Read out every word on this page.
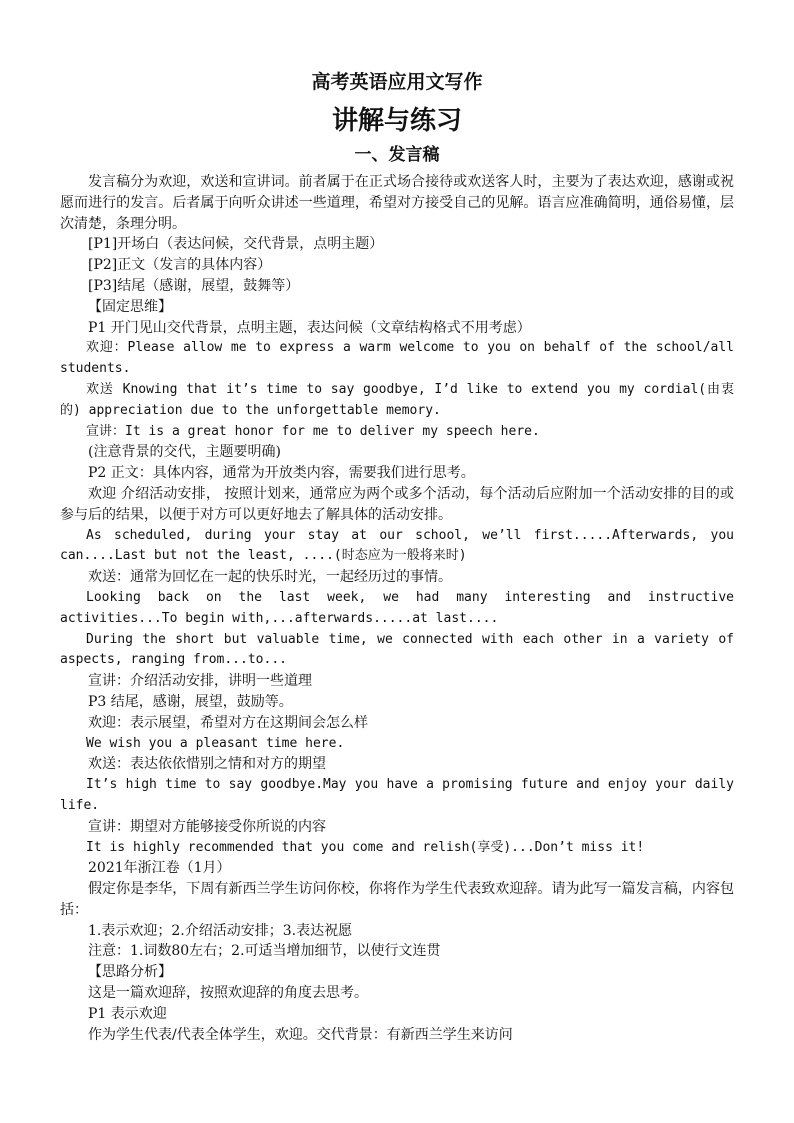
高考英语应用文写作
讲解与练习
一、发言稿

发言稿分为欢迎，欢送和宣讲词。前者属于在正式场合接待或欢送客人时，主要为了表达欢迎，感谢或祝愿而进行的发言。后者属于向听众讲述一些道理，希望对方接受自己的见解。语言应准确简明，通俗易懂，层次清楚，条理分明。

[P1]开场白（表达问候，交代背景，点明主题）

[P2]正文（发言的具体内容）

[P3]结尾（感谢，展望，鼓舞等）

【固定思维】

P1 开门见山交代背景，点明主题，表达问候（文章结构格式不用考虑）

欢迎：Please allow me to express a warm welcome to you on behalf of the school/all students.

欢送 Knowing that it’s time to say goodbye, I’d like to extend you my cordial(由衷的) appreciation due to the unforgettable memory.

宣讲：It is a great honor for me to deliver my speech here.

(注意背景的交代，主题要明确)

P2 正文：具体内容，通常为开放类内容，需要我们进行思考。

欢迎 介绍活动安排， 按照计划来，通常应为两个或多个活动，每个活动后应附加一个活动安排的目的或参与后的结果，以便于对方可以更好地去了解具体的活动安排。

As scheduled, during your stay at our school, we’ll first.....Afterwards, you can....Last but not the least, ....(时态应为一般将来时)

欢送：通常为回忆在一起的快乐时光，一起经历过的事情。

Looking back on the last week, we had many interesting and instructive activities...To begin with,...afterwards.....at last....

During the short but valuable time, we connected with each other in a variety of aspects, ranging from...to...

宣讲：介绍活动安排，讲明一些道理

P3 结尾，感谢，展望，鼓励等。

欢迎：表示展望，希望对方在这期间会怎么样

We wish you a pleasant time here.

欢送：表达依依惜别之情和对方的期望

It’s high time to say goodbye.May you have a promising future and enjoy your daily life.

宣讲：期望对方能够接受你所说的内容

It is highly recommended that you come and relish(享受)...Don’t miss it!

2021年浙江卷（1月）

假定你是李华，下周有新西兰学生访问你校，你将作为学生代表致欢迎辞。请为此写一篇发言稿，内容包括：

1.表示欢迎；2.介绍活动安排；3.表达祝愿

注意：1.词数80左右；2.可适当增加细节，以使行文连贯

【思路分析】

这是一篇欢迎辞，按照欢迎辞的角度去思考。

P1 表示欢迎

作为学生代表/代表全体学生，欢迎。交代背景：有新西兰学生来访问
